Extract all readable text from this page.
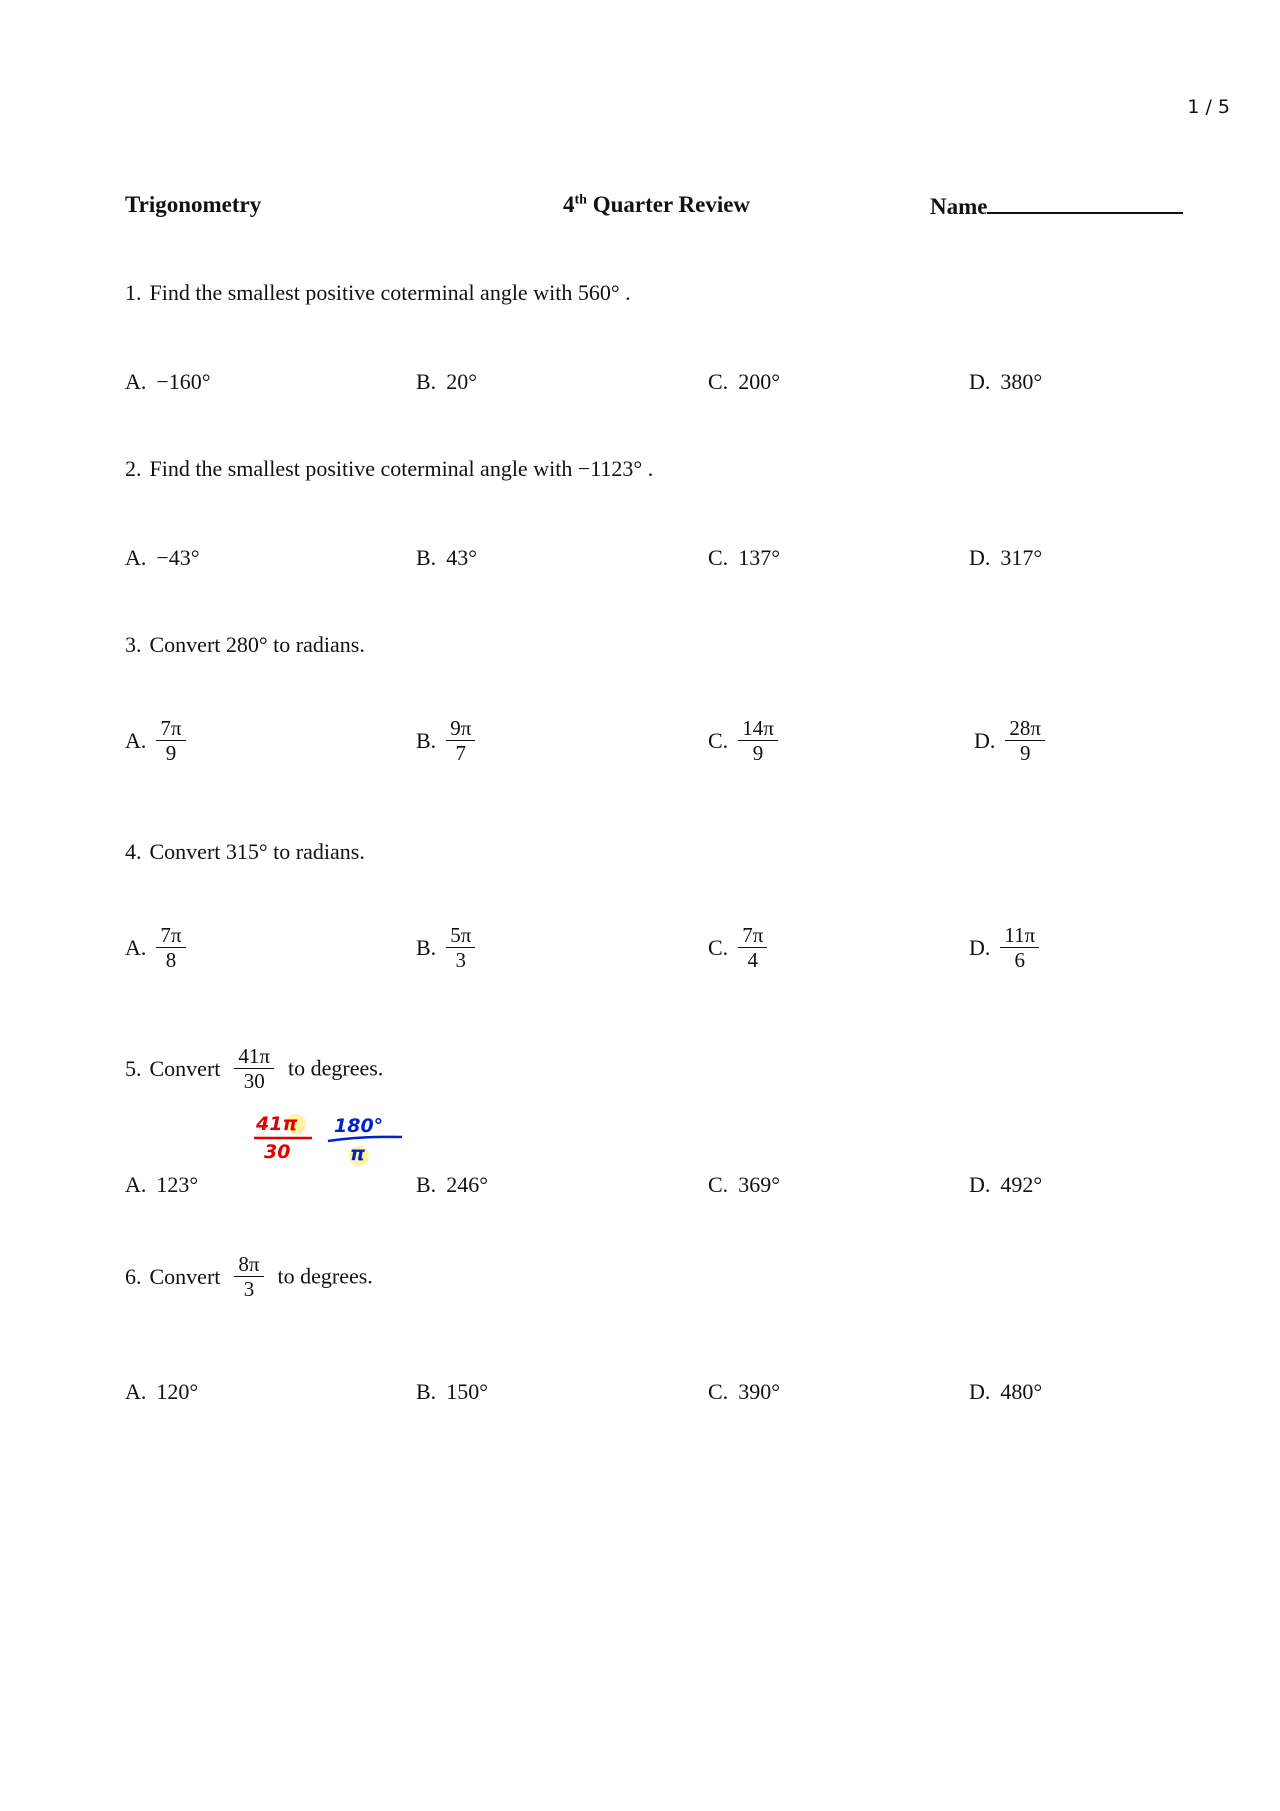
1 / 5
Trigonometry	4th Quarter Review	Name
1. Find the smallest positive coterminal angle with 560° .
A. −160°	B. 20°	C. 200°	D. 380°
2. Find the smallest positive coterminal angle with −1123° .
A. −43°	B. 43°	C. 137°	D. 317°
3. Convert 280° to radians.
A. $\frac{7\pi}{9}$	B. $\frac{9\pi}{7}$	C. $\frac{14\pi}{9}$	D. $\frac{28\pi}{9}$
4. Convert 315° to radians.
A. $\frac{7\pi}{8}$	B. $\frac{5\pi}{3}$	C. $\frac{7\pi}{4}$	D. $\frac{11\pi}{6}$
5. Convert $\frac{41\pi}{30}$ to degrees.
41π
30
180°
π
A. 123°	B. 246°	C. 369°	D. 492°
6. Convert $\frac{8\pi}{3}$ to degrees.
A. 120°	B. 150°	C. 390°	D. 480°
